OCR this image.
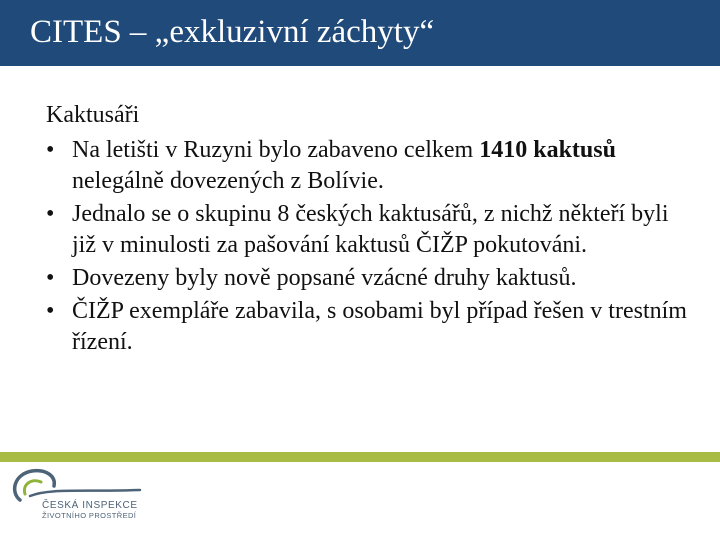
CITES – „exkluzivní záchyty“
Kaktusáři
• Na letišti v Ruzyni bylo zabaveno celkem 1410 kaktusů nelegálně dovezených z Bolívie.
• Jednalo se o skupinu 8 českých kaktusářů, z nichž někteří byli již v minulosti za pašování kaktusů ČIŽP pokutováni.
• Dovezeny byly nově popsané vzácné druhy kaktusů.
• ČIŽP exempláře zabavila, s osobami byl případ řešen v trestním řízení.
ČESKÁ INSPEKCE
ŽIVOTNÍHO PROSTŘEDÍ
